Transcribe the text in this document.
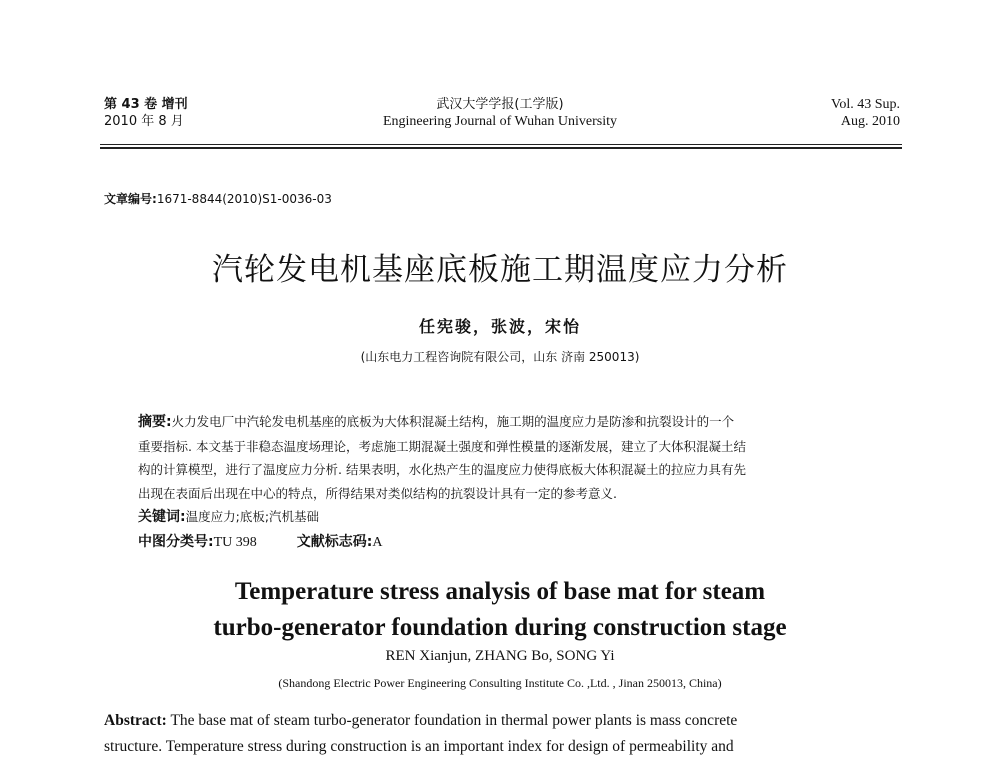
第 43 卷 增刊
2010 年 8 月
武汉大学学报(工学版)
Engineering Journal of Wuhan University
Vol. 43 Sup.
Aug. 2010
文章编号:1671-8844(2010)S1-0036-03
汽轮发电机基座底板施工期温度应力分析
任宪骏，张波，宋怡
(山东电力工程咨询院有限公司，山东 济南 250013)
摘要:火力发电厂中汽轮发电机基座的底板为大体积混凝土结构，施工期的温度应力是防渗和抗裂设计的一个
重要指标. 本文基于非稳态温度场理论，考虑施工期混凝土强度和弹性模量的逐渐发展，建立了大体积混凝土结
构的计算模型，进行了温度应力分析. 结果表明，水化热产生的温度应力使得底板大体积混凝土的拉应力具有先
出现在表面后出现在中心的特点，所得结果对类似结构的抗裂设计具有一定的参考意义.
关键词:温度应力;底板;汽机基础
中图分类号:TU 398	文献标志码:A
Temperature stress analysis of base mat for steam
turbo-generator foundation during construction stage
REN Xianjun, ZHANG Bo, SONG Yi
(Shandong Electric Power Engineering Consulting Institute Co. ,Ltd. , Jinan 250013, China)
Abstract: The base mat of steam turbo-generator foundation in thermal power plants is mass concrete
structure. Temperature stress during construction is an important index for design of permeability and
